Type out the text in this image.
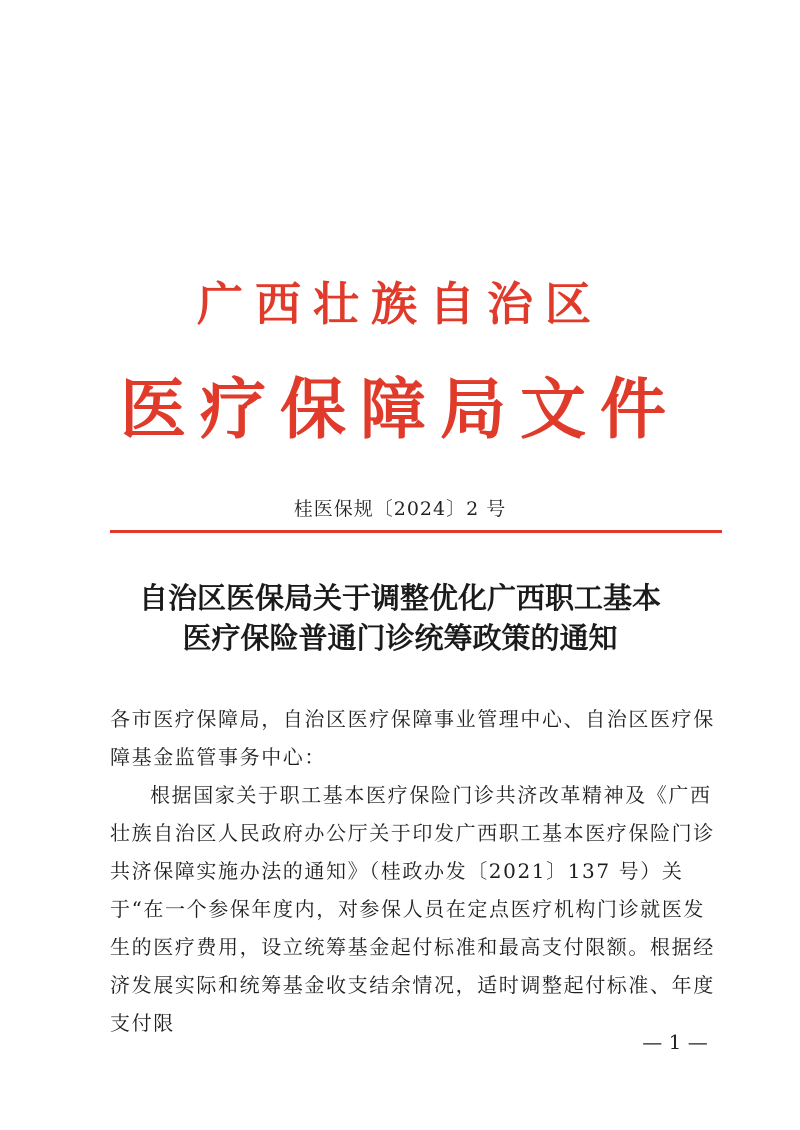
广西壮族自治区
医疗保障局文件
桂医保规〔2024〕2 号
自治区医保局关于调整优化广西职工基本
医疗保险普通门诊统筹政策的通知

各市医疗保障局，自治区医疗保障事业管理中心、自治区医疗保障基金监管事务中心：

根据国家关于职工基本医疗保险门诊共济改革精神及《广西壮族自治区人民政府办公厅关于印发广西职工基本医疗保险门诊共济保障实施办法的通知》（桂政办发〔2021〕137 号）关于“在一个参保年度内，对参保人员在定点医疗机构门诊就医发生的医疗费用，设立统筹基金起付标准和最高支付限额。根据经济发展实际和统筹基金收支结余情况，适时调整起付标准、年度支付限

— 1 —
